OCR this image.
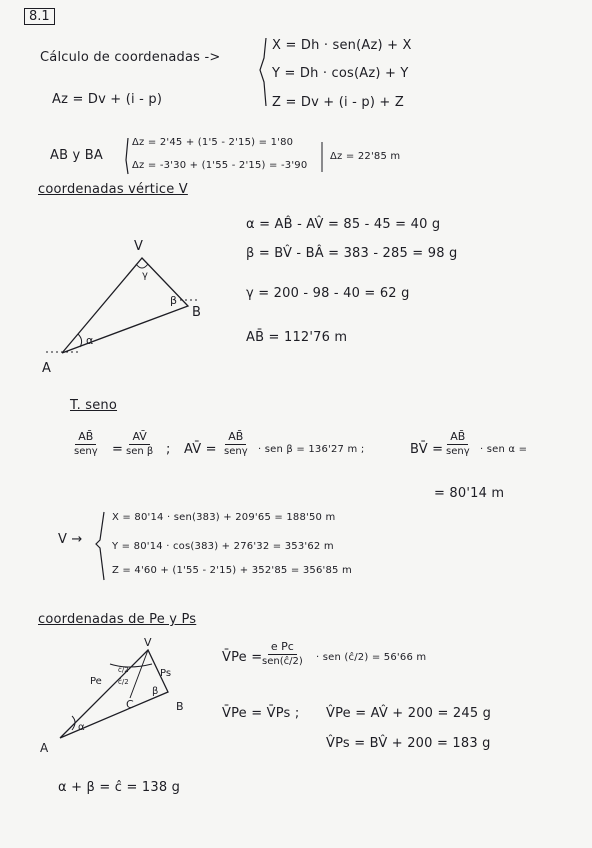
8.1
Cálculo de coordenadas ->
X = Dh · sen(Az) + X
Y = Dh · cos(Az) + Y
Z = Dv + (i - p) + Z
Az = Dv + (i - p)
AB y BA
Δz = 2'45 + (1'5 - 2'15) = 1'80
Δz = -3'30 + (1'55 - 2'15) = -3'90
Δz = 22'85 m
coordenadas vértice V
α = AB̂ - AV̂ = 85 - 45 = 40 g
β = BV̂ - BÂ = 383 - 285 = 98 g
γ = 200 - 98 - 40 = 62 g
AB̄ = 112'76 m
T. seno
AB̄
senγ =
AV̄
sen β ; AV̄ =
AB̄
senγ · sen β = 136'27 m ;	BV̄ =
AB̄
senγ · sen α =
= 80'14 m
V →
X = 80'14 · sen(383) + 209'65 = 188'50 m
Y = 80'14 · cos(383) + 276'32 = 353'62 m
Z = 4'60 + (1'55 - 2'15) + 352'85 = 356'85 m
coordenadas de Pe y Ps
V̄Pe =
e Pc
sen(ĉ/2) · sen (ĉ/2) = 56'66 m
V̄Pe = V̄Ps ; V̂Pe = AV̂ + 200 = 245 g
V̂Ps = BV̂ + 200 = 183 g
α + β = ĉ = 138 g
V
A
B
α
β
γ
V
A
B
C
Pe
Ps
α
β
ĉ/2
ĉ/2
